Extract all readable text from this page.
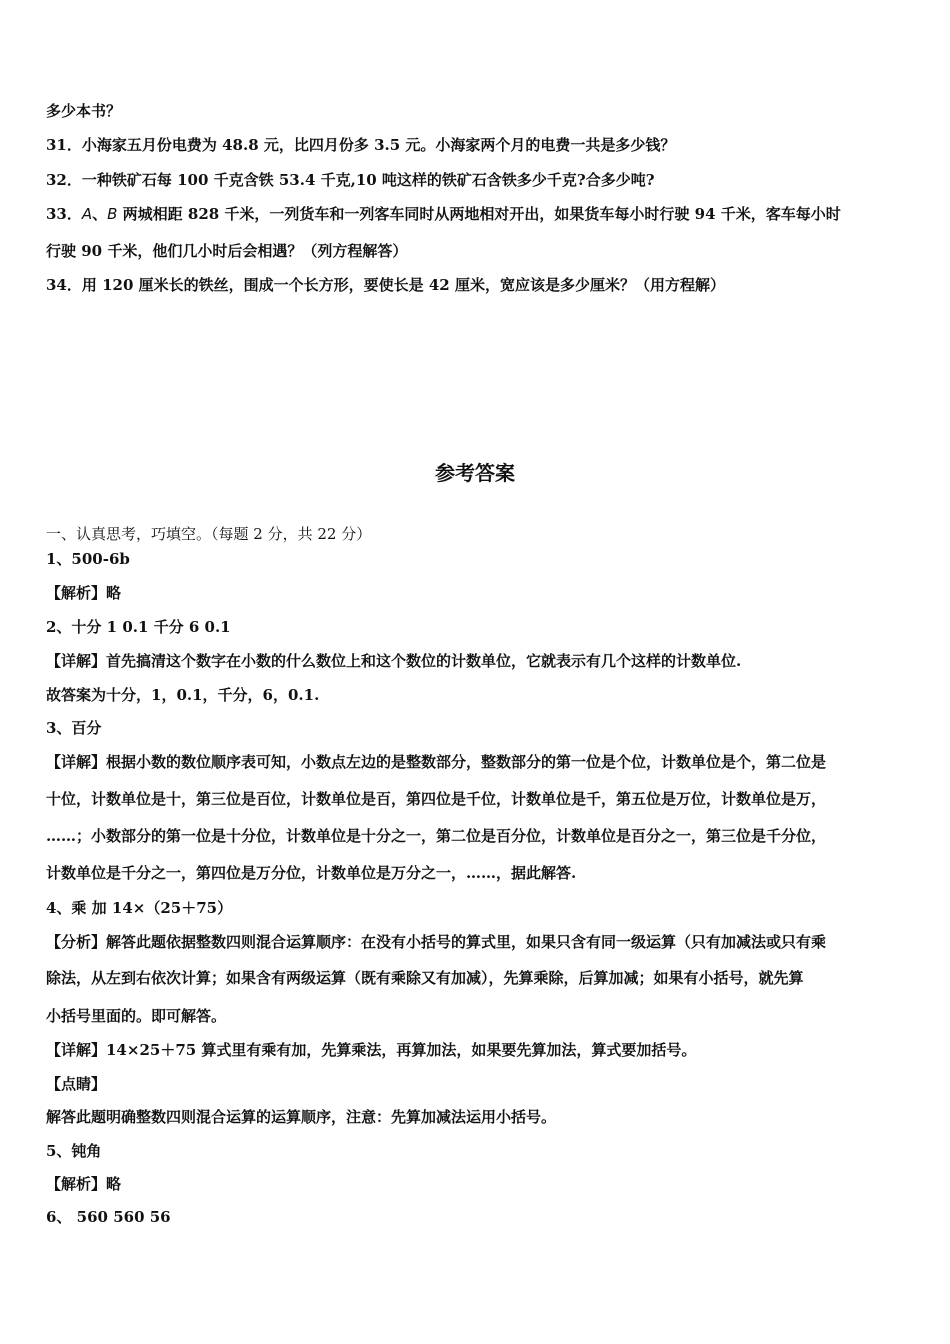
多少本书？
31．小海家五月份电费为 48.8 元，比四月份多 3.5 元。小海家两个月的电费一共是多少钱？
32．一种铁矿石每 100 千克含铁 53.4 千克,10 吨这样的铁矿石含铁多少千克?合多少吨?
33．A、B 两城相距 828 千米，一列货车和一列客车同时从两地相对开出，如果货车每小时行驶 94 千米，客车每小时
行驶 90 千米，他们几小时后会相遇？（列方程解答）
34．用 120 厘米长的铁丝，围成一个长方形，要使长是 42 厘米，宽应该是多少厘米？（用方程解）
参考答案
一、认真思考，巧填空。（每题 2 分，共 22 分）
1、500-6b
【解析】略
2、十分 1 0.1 千分 6 0.1
【详解】首先搞清这个数字在小数的什么数位上和这个数位的计数单位，它就表示有几个这样的计数单位.
故答案为十分，1，0.1，千分，6，0.1.
3、百分
【详解】根据小数的数位顺序表可知，小数点左边的是整数部分，整数部分的第一位是个位，计数单位是个，第二位是
十位，计数单位是十，第三位是百位，计数单位是百，第四位是千位，计数单位是千，第五位是万位，计数单位是万，
……；小数部分的第一位是十分位，计数单位是十分之一，第二位是百分位，计数单位是百分之一，第三位是千分位，
计数单位是千分之一，第四位是万分位，计数单位是万分之一，……，据此解答.
4、乘 加 14×（25＋75）
【分析】解答此题依据整数四则混合运算顺序：在没有小括号的算式里，如果只含有同一级运算（只有加减法或只有乘
除法，从左到右依次计算；如果含有两级运算（既有乘除又有加减），先算乘除，后算加减；如果有小括号，就先算
小括号里面的。即可解答。
【详解】14×25＋75 算式里有乘有加，先算乘法，再算加法，如果要先算加法，算式要加括号。
【点睛】
解答此题明确整数四则混合运算的运算顺序，注意：先算加减法运用小括号。
5、钝角
【解析】略
6、 560 560 56
